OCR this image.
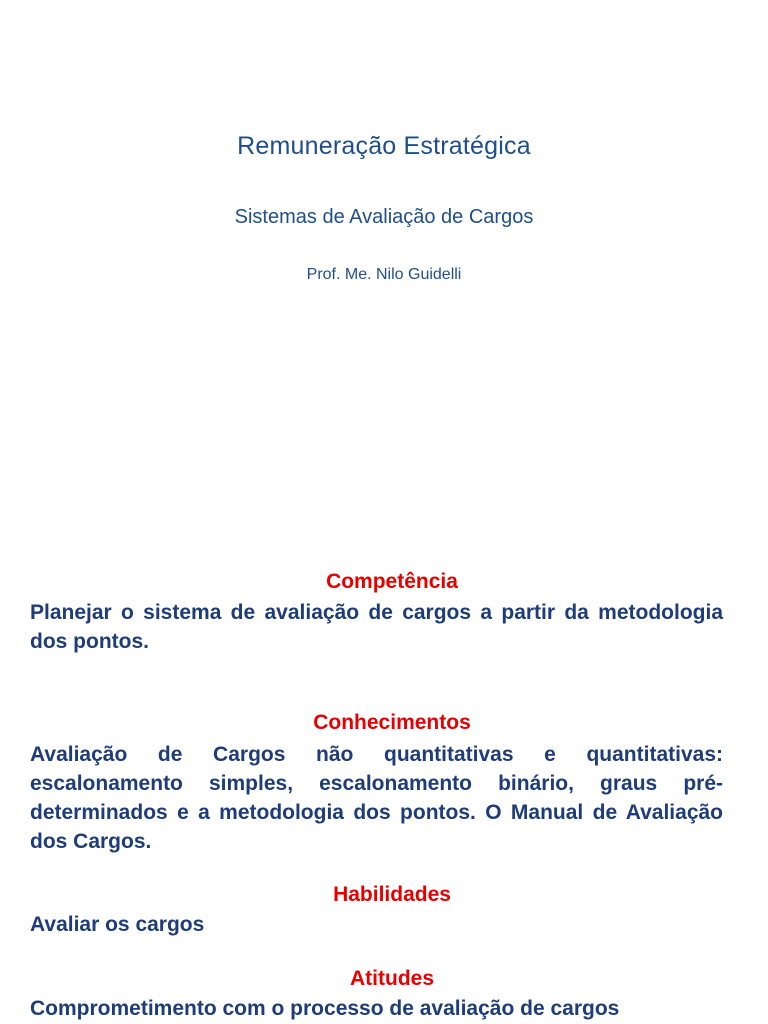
Remuneração Estratégica
Sistemas de Avaliação de Cargos
Prof. Me. Nilo Guidelli
Competência
Planejar o sistema de avaliação de cargos a partir da metodologia dos pontos.
Conhecimentos
Avaliação de Cargos não quantitativas e quantitativas: escalonamento simples, escalonamento binário, graus pré-determinados e a metodologia dos pontos. O Manual de Avaliação dos Cargos.
Habilidades
Avaliar os cargos
Atitudes
Comprometimento com o processo de avaliação de cargos
